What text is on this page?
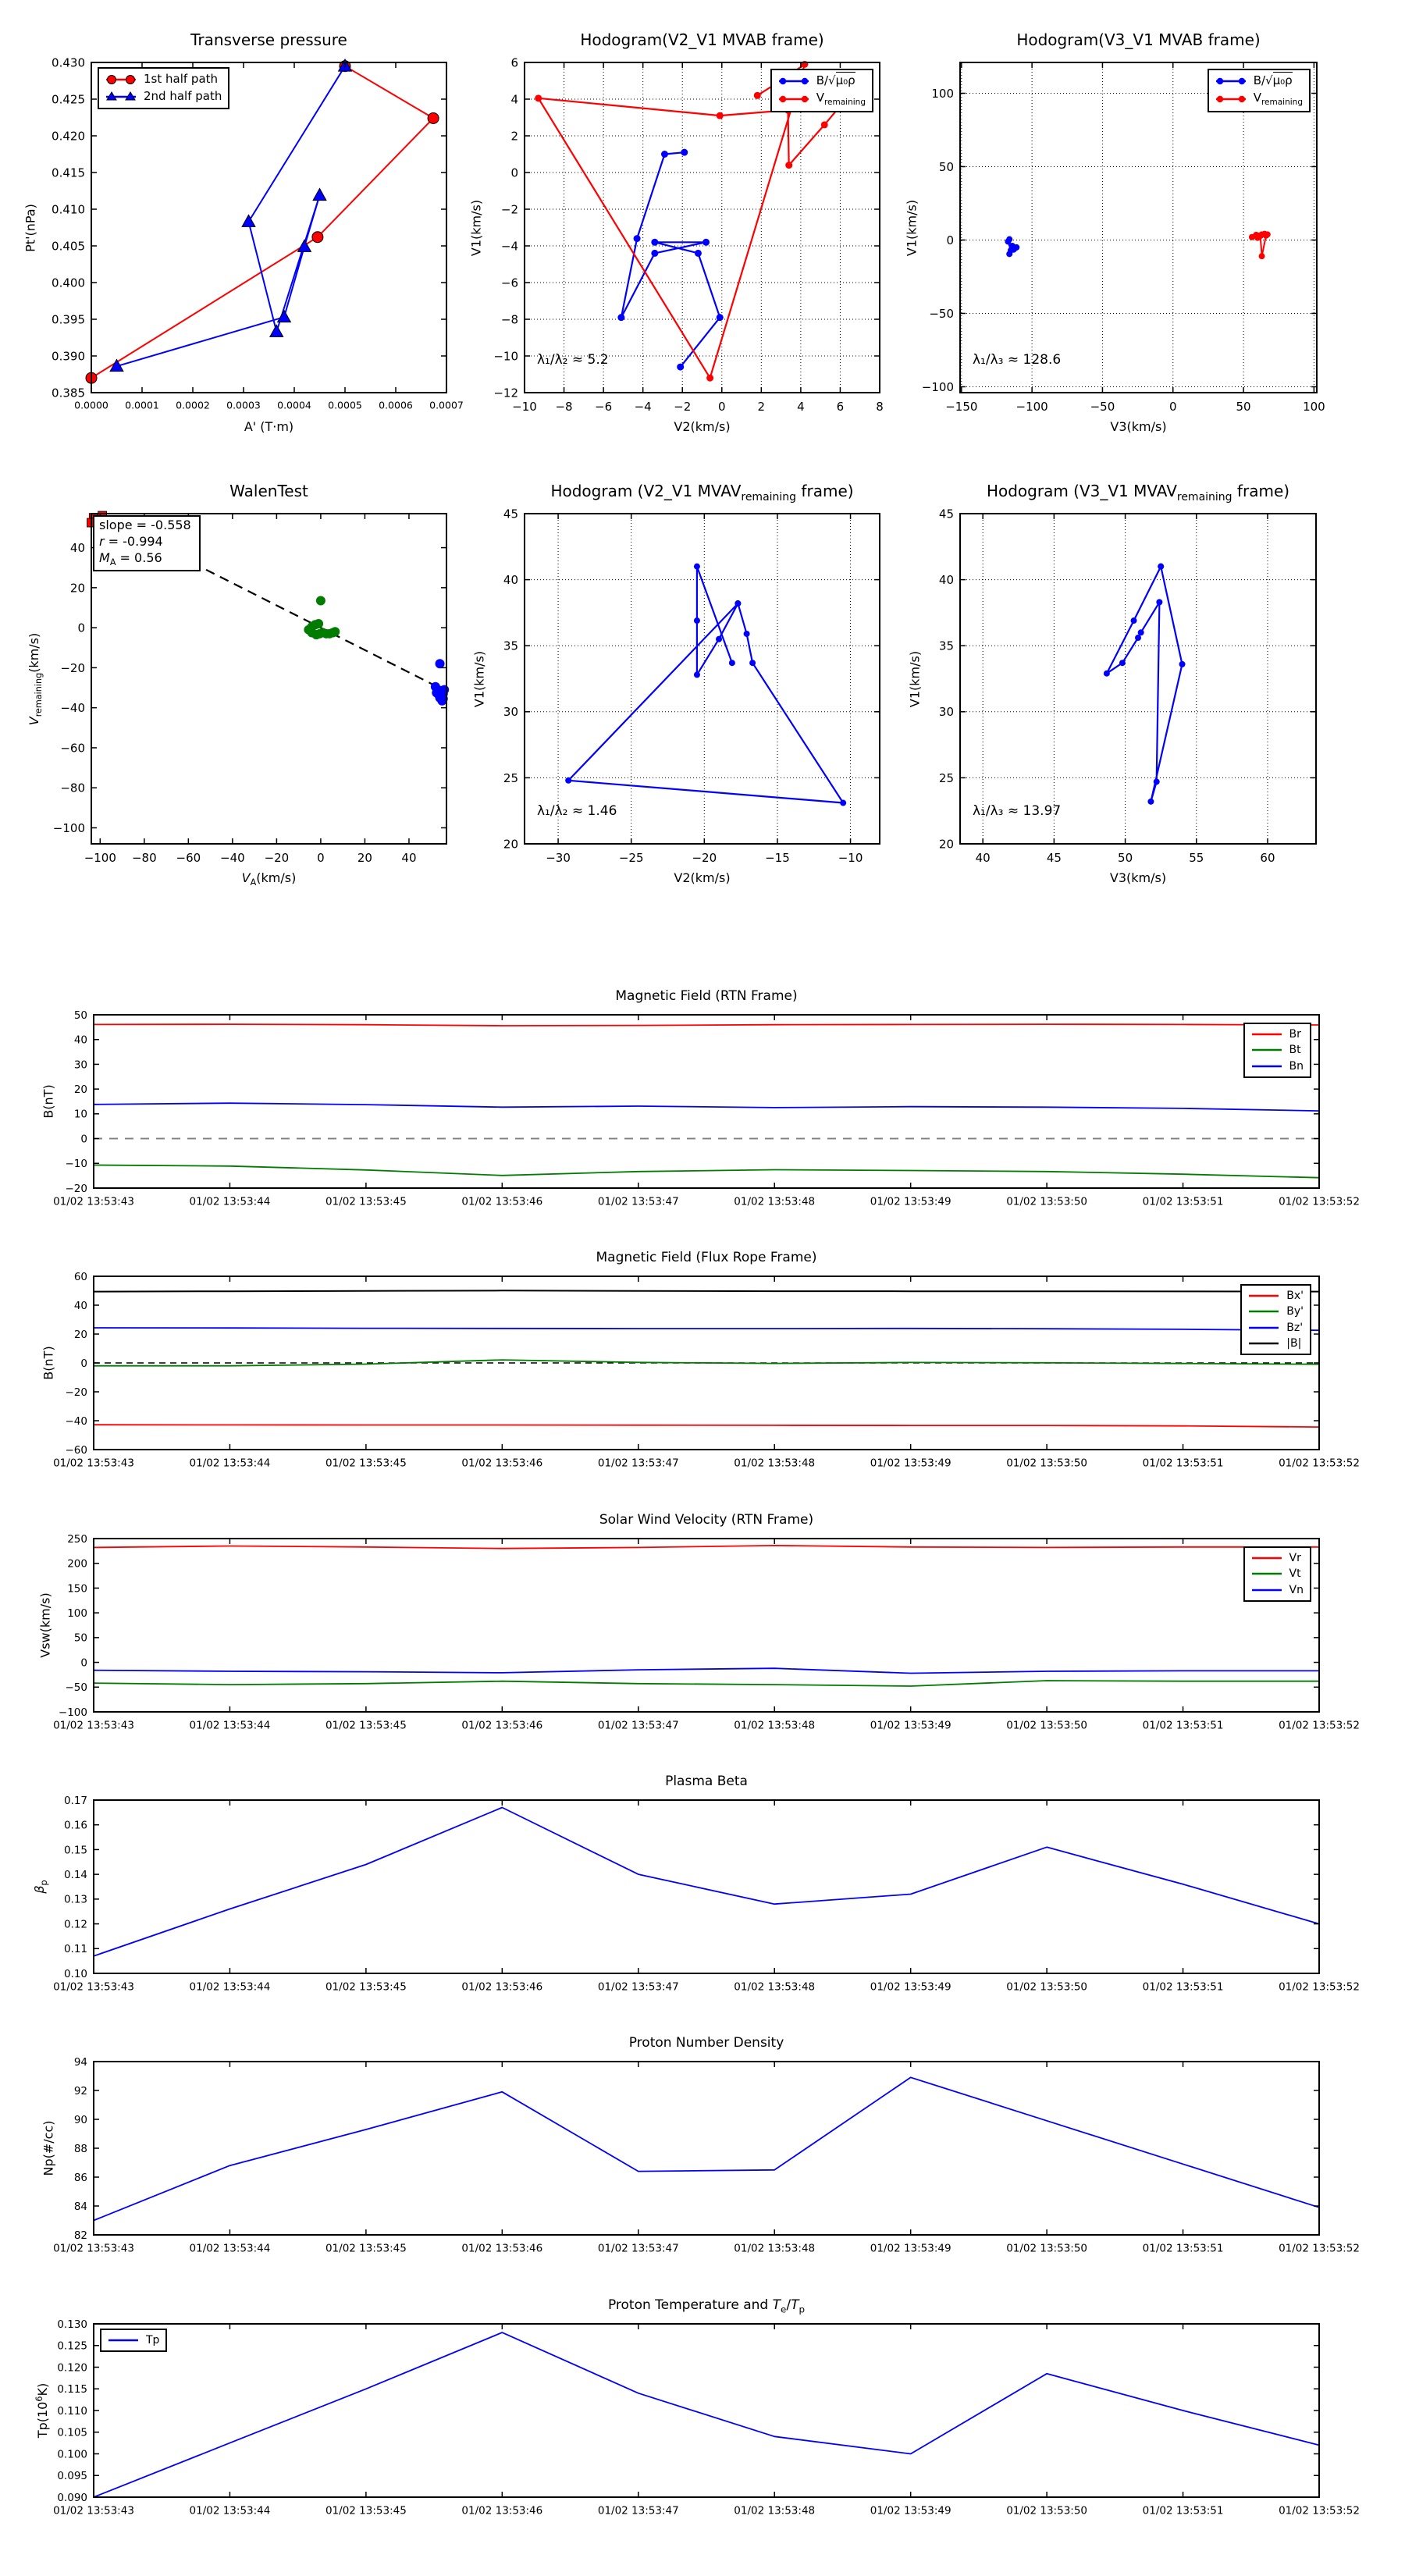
0.0000 0.0001 0.0002 0.0003 0.0004 0.0005 0.0006 0.0007
0.385
0.390
0.395
0.400
0.405
0.410
0.415
0.420
0.425
0.430
−10 −8 −6 −4 −2 0	2	4	6	8
−12
−10
−8
−6
−4
−2
0
2
4
6
−150	−100	−50	0	50	100
−100
−50
0
50
100
−100 −80 −60 −40 −20 0	20 40
−100
−80
−60
−40
−20
0
20
40
−30	−25	−20	−15	−10
20
25
30
35
40
45
40	45	50	55	60
20
25
30
35
40
45
01/02 13:53:43	01/02 13:53:44	01/02 13:53:45	01/02 13:53:46	01/02 13:53:47	01/02 13:53:48	01/02 13:53:49	01/02 13:53:50	01/02 13:53:51	01/02 13:53:52
−20
−10
0
10
20
30
40
50
01/02 13:53:43	01/02 13:53:44	01/02 13:53:45	01/02 13:53:46	01/02 13:53:47	01/02 13:53:48	01/02 13:53:49	01/02 13:53:50	01/02 13:53:51	01/02 13:53:52
−60
−40
−20
0
20
40
60
01/02 13:53:43	01/02 13:53:44	01/02 13:53:45	01/02 13:53:46	01/02 13:53:47	01/02 13:53:48	01/02 13:53:49	01/02 13:53:50	01/02 13:53:51	01/02 13:53:52
−100
−50
0
50
100
150
200
250
01/02 13:53:43	01/02 13:53:44	01/02 13:53:45	01/02 13:53:46	01/02 13:53:47	01/02 13:53:48	01/02 13:53:49	01/02 13:53:50	01/02 13:53:51	01/02 13:53:52
0.10
0.11
0.12
0.13
0.14
0.15
0.16
0.17
01/02 13:53:43	01/02 13:53:44	01/02 13:53:45	01/02 13:53:46	01/02 13:53:47	01/02 13:53:48	01/02 13:53:49	01/02 13:53:50	01/02 13:53:51	01/02 13:53:52
82
84
86
88
90
92
94
01/02 13:53:43	01/02 13:53:44	01/02 13:53:45	01/02 13:53:46	01/02 13:53:47	01/02 13:53:48	01/02 13:53:49	01/02 13:53:50	01/02 13:53:51	01/02 13:53:52
0.090
0.095
0.100
0.105
0.110
0.115
0.120
0.125
0.130
Transverse pressure
A' (T·m)
Pt'(nPa)
1st half path
2nd half path
Hodogram(V2_V1 MVAB frame)
V2(km/s)
V1(km/s)
λ₁/λ₂ ≈ 5.2
B/√μ₀ρ
$V_{remaining}$
Hodogram(V3_V1 MVAB frame)
V3(km/s)
V1(km/s)
λ₁/λ₃ ≈ 128.6
B/√μ₀ρ
$V_{remaining}$
WalenTest
$V_A(km/s)$
$V_{remaining}(km/s)$
slope = -0.558
r = -0.994
$M_A = 0.56$
Hodogram (V2_V1 $MVAV_{remaining}$ frame)
V2(km/s)
V1(km/s)
λ₁/λ₂ ≈ 1.46
Hodogram (V3_V1 $MVAV_{remaining}$ frame)
V3(km/s)
V1(km/s)
λ₁/λ₃ ≈ 13.97
Magnetic Field (RTN Frame)
B(nT)
Br
Bt
Bn
Magnetic Field (Flux Rope Frame)
B(nT)
Bx'
By'
Bz'
|B|
Solar Wind Velocity (RTN Frame)
Vsw(km/s)
Vr
Vt
Vn
Plasma Beta
$\beta_p$
Proton Number Density
Np(#/cc)
Proton Temperature and $T_e/T_p$
$Tp(10^6K)$
Tp
